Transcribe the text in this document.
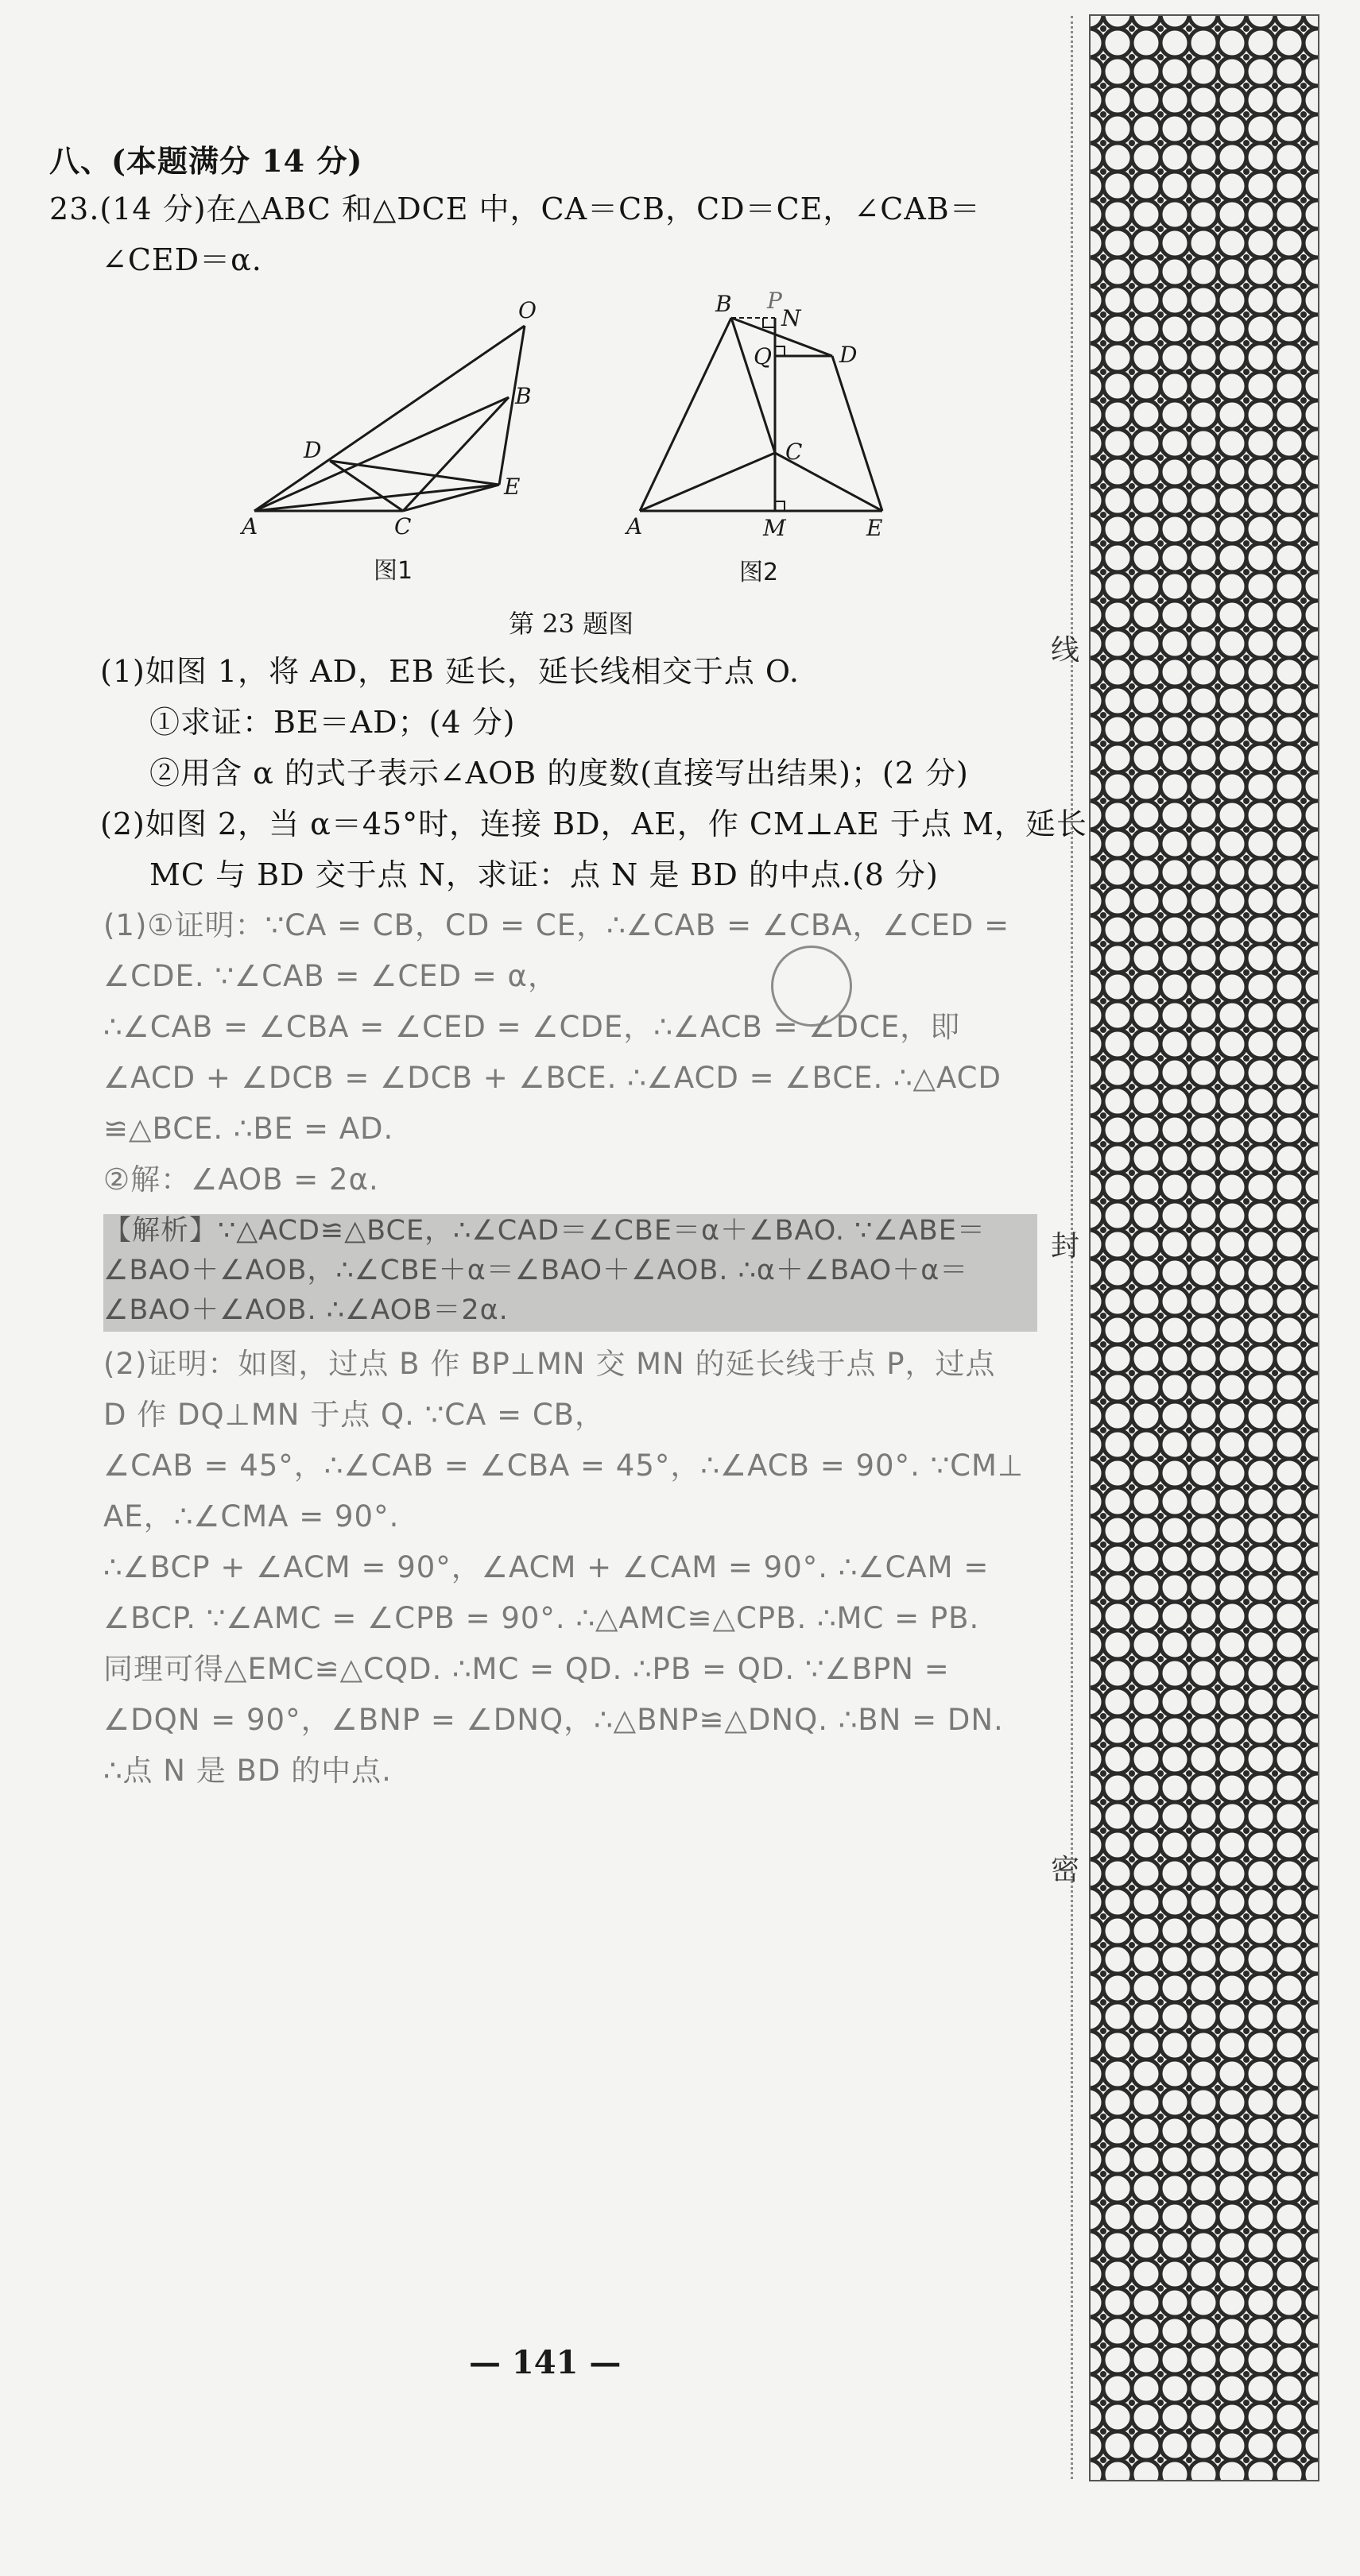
八、(本题满分 14 分)
23.(14 分)在△ABC 和△DCE 中，CA＝CB，CD＝CE，∠CAB＝
∠CED＝α.
O
B
D
E
A	C
图1
B P
N
Q	D
C
A	M	E
图2
第 23 题图
(1)如图 1，将 AD，EB 延长，延长线相交于点 O.
①求证：BE＝AD；(4 分)
②用含 α 的式子表示∠AOB 的度数(直接写出结果)；(2 分)
(2)如图 2，当 α＝45°时，连接 BD，AE，作 CM⊥AE 于点 M，延长
MC 与 BD 交于点 N，求证：点 N 是 BD 的中点.(8 分)
(1)①证明：∵CA = CB，CD = CE，∴∠CAB = ∠CBA，∠CED =
∠CDE. ∵∠CAB = ∠CED = α，
∴∠CAB = ∠CBA = ∠CED = ∠CDE，∴∠ACB = ∠DCE，即
∠ACD + ∠DCB = ∠DCB + ∠BCE. ∴∠ACD = ∠BCE. ∴△ACD
≌△BCE. ∴BE = AD.
②解：∠AOB = 2α.
【解析】∵△ACD≌△BCE，∴∠CAD＝∠CBE＝α＋∠BAO. ∵∠ABE＝
∠BAO＋∠AOB，∴∠CBE＋α＝∠BAO＋∠AOB. ∴α＋∠BAO＋α＝
∠BAO＋∠AOB. ∴∠AOB＝2α.
(2)证明：如图，过点 B 作 BP⊥MN 交 MN 的延长线于点 P，过点
D 作 DQ⊥MN 于点 Q. ∵CA = CB，
∠CAB = 45°，∴∠CAB = ∠CBA = 45°，∴∠ACB = 90°. ∵CM⊥
AE，∴∠CMA = 90°.
∴∠BCP + ∠ACM = 90°，∠ACM + ∠CAM = 90°. ∴∠CAM =
∠BCP. ∵∠AMC = ∠CPB = 90°. ∴△AMC≌△CPB. ∴MC = PB.
同理可得△EMC≌△CQD. ∴MC = QD. ∴PB = QD. ∵∠BPN =
∠DQN = 90°，∠BNP = ∠DNQ，∴△BNP≌△DNQ. ∴BN = DN.
∴点 N 是 BD 的中点.
— 141 —
线
封
密
